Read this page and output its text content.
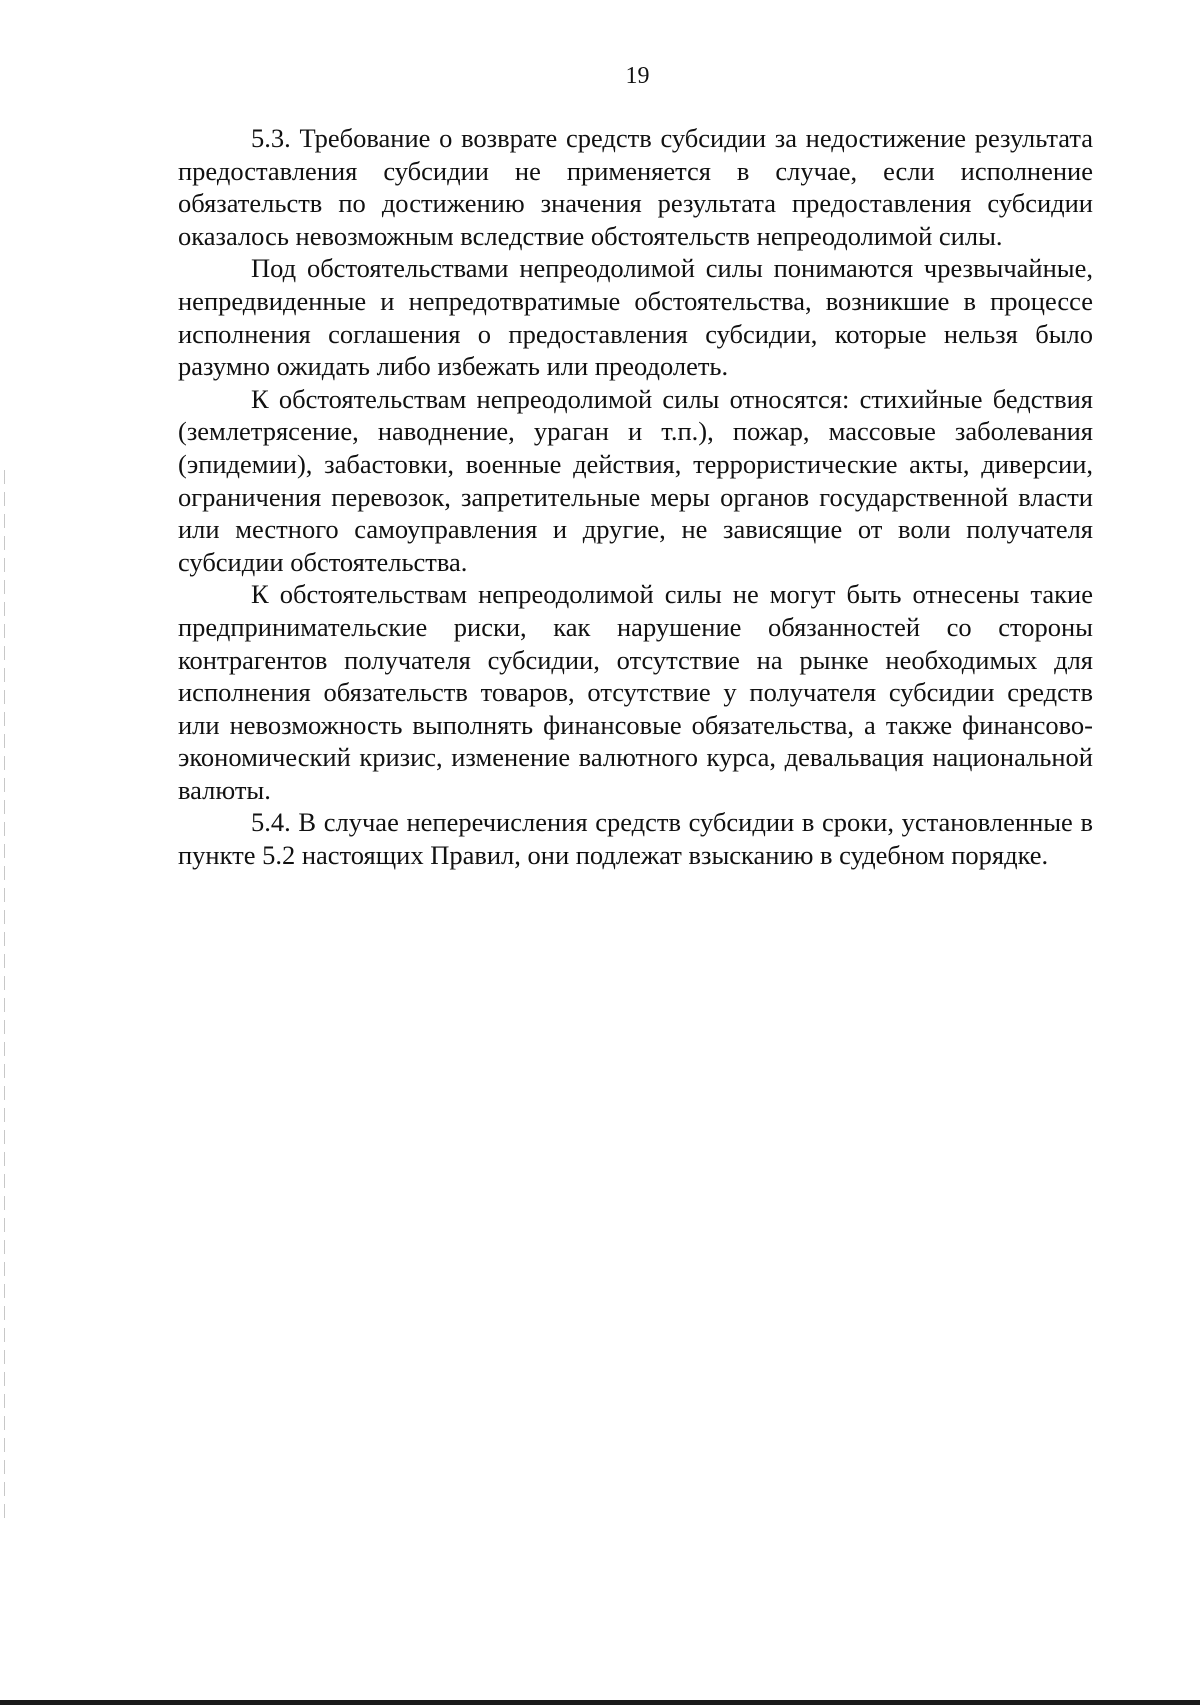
19

5.3. Требование о возврате средств субсидии за недостижение результата предоставления субсидии не применяется в случае, если исполнение обязательств по достижению значения результата предоставления субсидии оказалось невозможным вследствие обстоятельств непреодолимой силы.

Под обстоятельствами непреодолимой силы понимаются чрезвычайные, непредвиденные и непредотвратимые обстоятельства, возникшие в процессе исполнения соглашения о предоставления субсидии, которые нельзя было разумно ожидать либо избежать или преодолеть.

К обстоятельствам непреодолимой силы относятся: стихийные бедствия (землетрясение, наводнение, ураган и т.п.), пожар, массовые заболевания (эпидемии), забастовки, военные действия, террористические акты, диверсии, ограничения перевозок, запретительные меры органов государственной власти или местного самоуправления и другие, не зависящие от воли получателя субсидии обстоятельства.

К обстоятельствам непреодолимой силы не могут быть отнесены такие предпринимательские риски, как нарушение обязанностей со стороны контрагентов получателя субсидии, отсутствие на рынке необходимых для исполнения обязательств товаров, отсутствие у получателя субсидии средств или невозможность выполнять финансовые обязательства, а также финансово-экономический кризис, изменение валютного курса, девальвация национальной валюты.

5.4. В случае неперечисления средств субсидии в сроки, установленные в пункте 5.2 настоящих Правил, они подлежат взысканию в судебном порядке.
